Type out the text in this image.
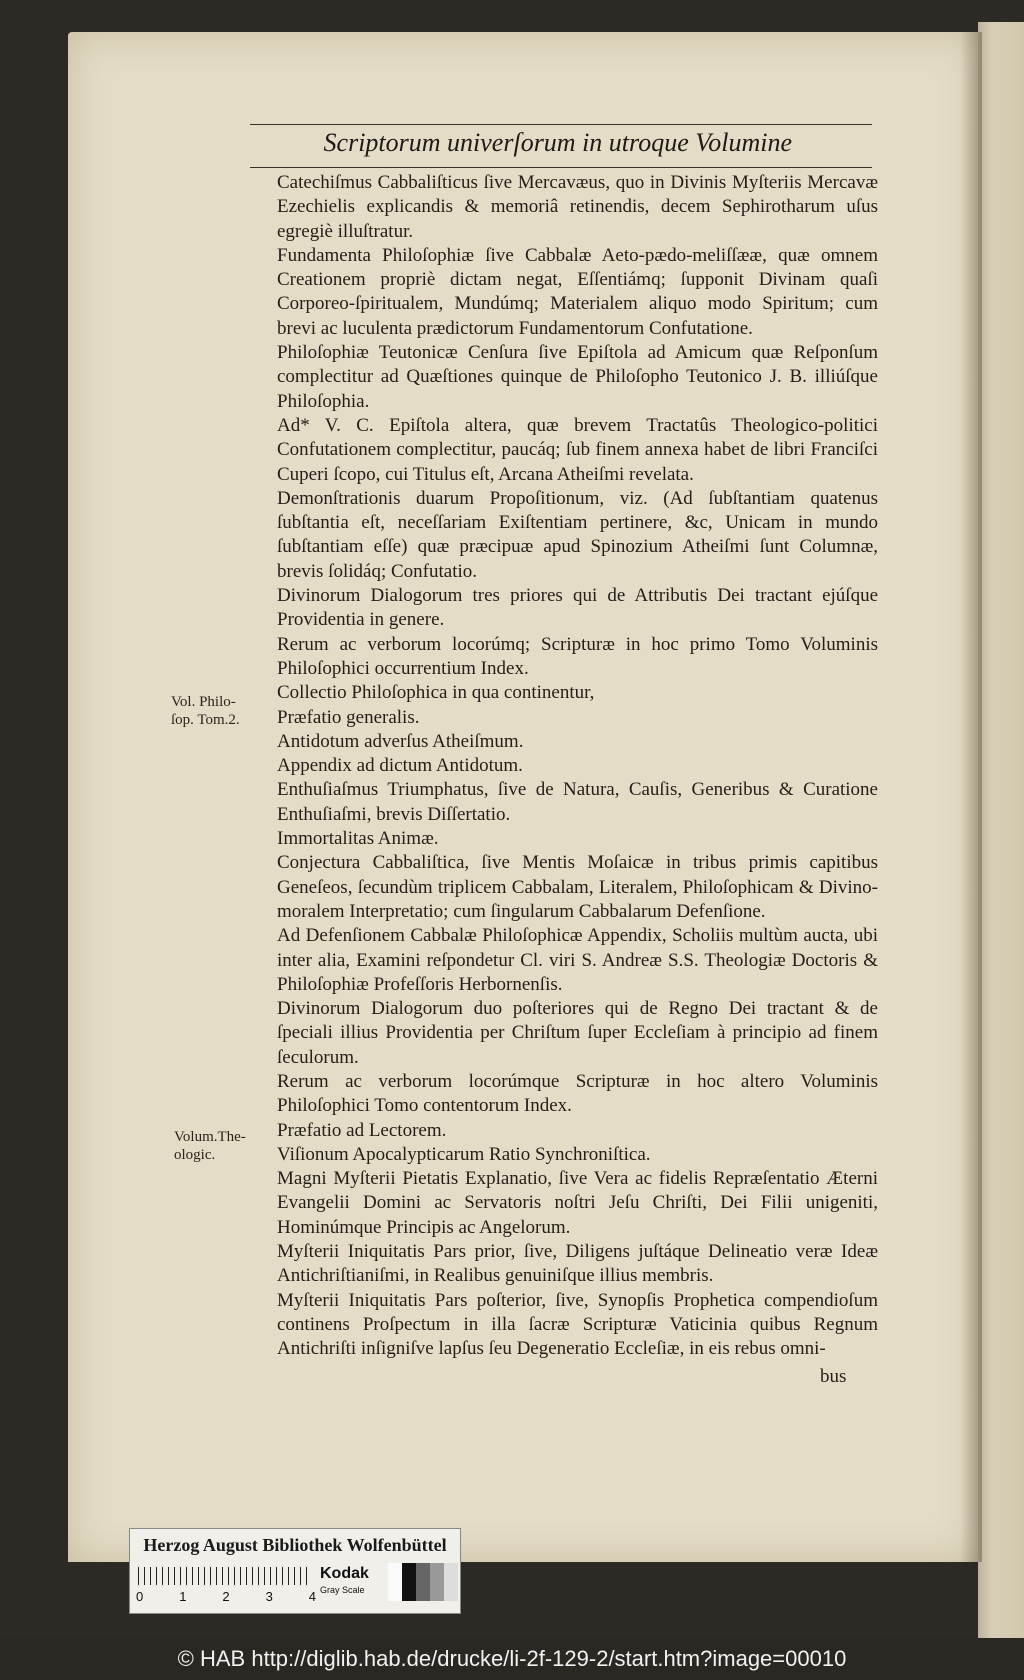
Scriptorum univerſorum in utroque Volumine
Vol. Philo-
ſop. Tom.2.
Volum.The-
ologic.

Catechiſmus Cabbaliſticus ſive Mercavæus, quo in Divinis Myſteriis Mercavæ Ezechielis explicandis & memoriâ retinendis, decem Sephirotharum uſus egregiè illuſtratur.

Fundamenta Philoſophiæ ſive Cabbalæ Aeto-pædo-meliſſææ, quæ omnem Creationem propriè dictam negat, Eſſentiámq; ſupponit Divinam quaſi Corporeo-ſpiritualem, Mundúmq; Materialem aliquo modo Spiritum; cum brevi ac luculenta prædictorum Fundamentorum Confutatione.

Philoſophiæ Teutonicæ Cenſura ſive Epiſtola ad Amicum quæ Reſponſum complectitur ad Quæſtiones quinque de Philoſopho Teutonico J. B. illiúſque Philoſophia.

Ad* V. C. Epiſtola altera, quæ brevem Tractatûs Theologico-politici Confutationem complectitur, paucáq; ſub finem annexa habet de libri Franciſci Cuperi ſcopo, cui Titulus eſt, Arcana Atheiſmi revelata.

Demonſtrationis duarum Propoſitionum, viz. (Ad ſubſtantiam quatenus ſubſtantia eſt, neceſſariam Exiſtentiam pertinere, &c, Unicam in mundo ſubſtantiam eſſe) quæ præcipuæ apud Spinozium Atheiſmi ſunt Columnæ, brevis ſolidáq; Confutatio.

Divinorum Dialogorum tres priores qui de Attributis Dei tractant ejúſque Providentia in genere.

Rerum ac verborum locorúmq; Scripturæ in hoc primo Tomo Voluminis Philoſophici occurrentium Index.

Collectio Philoſophica in qua continentur,

Præfatio generalis.

Antidotum adverſus Atheiſmum.

Appendix ad dictum Antidotum.

Enthuſiaſmus Triumphatus, ſive de Natura, Cauſis, Generibus & Curatione Enthuſiaſmi, brevis Diſſertatio.

Immortalitas Animæ.

Conjectura Cabbaliſtica, ſive Mentis Moſaicæ in tribus primis capitibus Geneſeos, ſecundùm triplicem Cabbalam, Literalem, Philoſophicam & Divino-moralem Interpretatio; cum ſingularum Cabbalarum Defenſione.

Ad Defenſionem Cabbalæ Philoſophicæ Appendix, Scholiis multùm aucta, ubi inter alia, Examini reſpondetur Cl. viri S. Andreæ S.S. Theologiæ Doctoris & Philoſophiæ Profeſſoris Herbornenſis.

Divinorum Dialogorum duo poſteriores qui de Regno Dei tractant & de ſpeciali illius Providentia per Chriſtum ſuper Eccleſiam à principio ad finem ſeculorum.

Rerum ac verborum locorúmque Scripturæ in hoc altero Voluminis Philoſophici Tomo contentorum Index.

Præfatio ad Lectorem.

Viſionum Apocalypticarum Ratio Synchroniſtica.

Magni Myſterii Pietatis Explanatio, ſive Vera ac fidelis Repræſentatio Æterni Evangelii Domini ac Servatoris noſtri Jeſu Chriſti, Dei Filii unigeniti, Hominúmque Principis ac Angelorum.

Myſterii Iniquitatis Pars prior, ſive, Diligens juſtáque Delineatio veræ Ideæ Antichriſtianiſmi, in Realibus genuiniſque illius membris.

Myſterii Iniquitatis Pars poſterior, ſive, Synopſis Prophetica compendioſum continens Proſpectum in illa ſacræ Scripturæ Vaticinia quibus Regnum Antichriſti inſigniſve lapſus ſeu Degeneratio Eccleſiæ, in eis rebus omni-

bus
Herzog August Bibliothek Wolfenbüttel
0	1	2	3	4
Kodak
Gray Scale
© HAB http://diglib.hab.de/drucke/li-2f-129-2/start.htm?image=00010
